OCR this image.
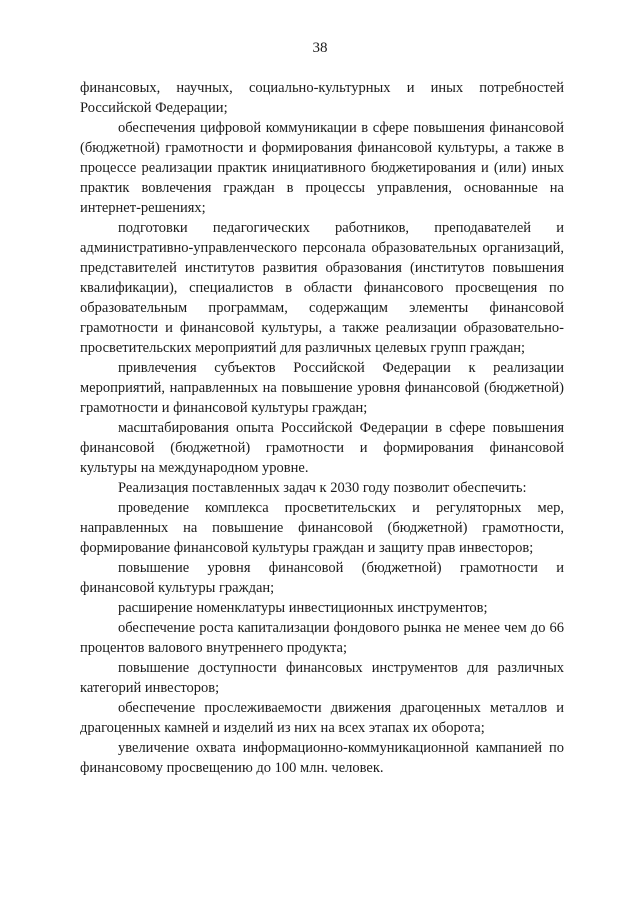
38

финансовых, научных, социально-культурных и иных потребностей Российской Федерации;

обеспечения цифровой коммуникации в сфере повышения финансовой (бюджетной) грамотности и формирования финансовой культуры, а также в процессе реализации практик инициативного бюджетирования и (или) иных практик вовлечения граждан в процессы управления, основанные на интернет-решениях;

подготовки педагогических работников, преподавателей и административно-управленческого персонала образовательных организаций, представителей институтов развития образования (институтов повышения квалификации), специалистов в области финансового просвещения по образовательным программам, содержащим элементы финансовой грамотности и финансовой культуры, а также реализации образовательно-просветительских мероприятий для различных целевых групп граждан;

привлечения субъектов Российской Федерации к реализации мероприятий, направленных на повышение уровня финансовой (бюджетной) грамотности и финансовой культуры граждан;

масштабирования опыта Российской Федерации в сфере повышения финансовой (бюджетной) грамотности и формирования финансовой культуры на международном уровне.

Реализация поставленных задач к 2030 году позволит обеспечить:

проведение комплекса просветительских и регуляторных мер, направленных на повышение финансовой (бюджетной) грамотности, формирование финансовой культуры граждан и защиту прав инвесторов;

повышение уровня финансовой (бюджетной) грамотности и финансовой культуры граждан;

расширение номенклатуры инвестиционных инструментов;

обеспечение роста капитализации фондового рынка не менее чем до 66 процентов валового внутреннего продукта;

повышение доступности финансовых инструментов для различных категорий инвесторов;

обеспечение прослеживаемости движения драгоценных металлов и драгоценных камней и изделий из них на всех этапах их оборота;

увеличение охвата информационно-коммуникационной кампанией по финансовому просвещению до 100 млн. человек.
